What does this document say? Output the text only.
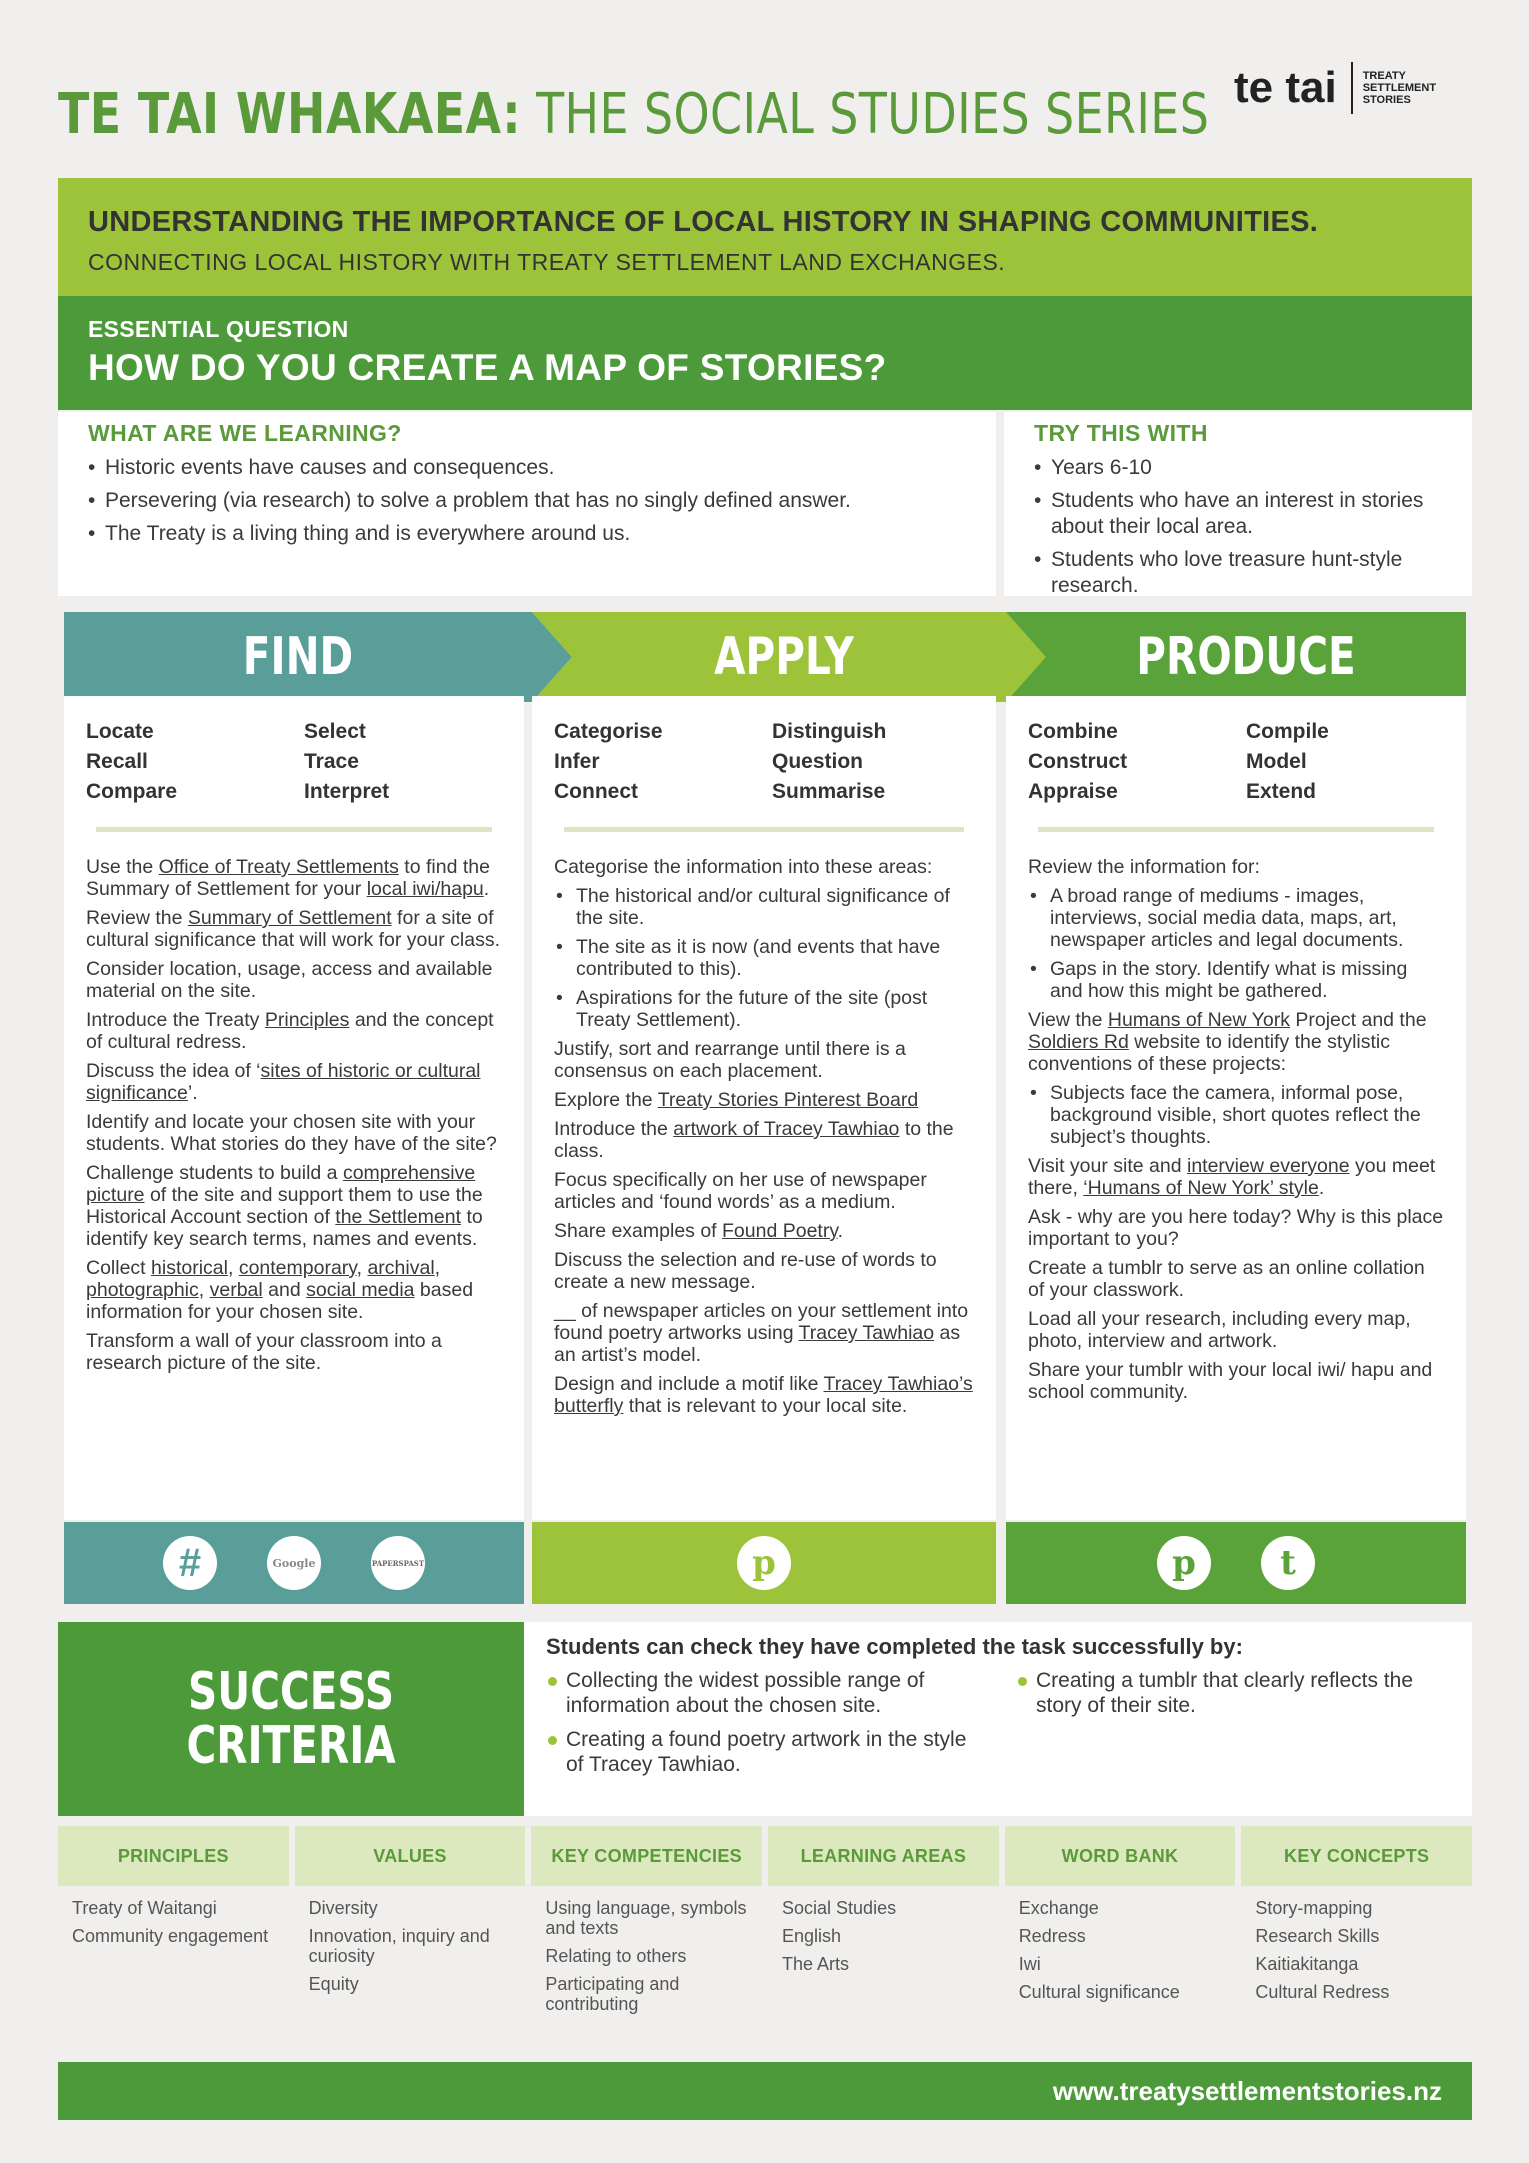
TE TAI WHAKAEA: THE SOCIAL STUDIES SERIES te tai TREATY
SETTLEMENT
STORIES
UNDERSTANDING THE IMPORTANCE OF LOCAL HISTORY IN SHAPING COMMUNITIES.
CONNECTING LOCAL HISTORY WITH TREATY SETTLEMENT LAND EXCHANGES.
ESSENTIAL QUESTION
HOW DO YOU CREATE A MAP OF STORIES?
WHAT ARE WE LEARNING?
• Historic events have causes and consequences.
• Persevering (via research) to solve a problem that has no singly defined answer.
• The Treaty is a living thing and is everywhere around us.
TRY THIS WITH
• Years 6-10
• Students who have an interest in stories about their local area.
• Students who love treasure hunt-style research.
FIND	APPLY	PRODUCE
Locate	Select
Recall	Trace
Compare	Interpret

Use the Office of Treaty Settlements to find the Summary of Settlement for your local iwi/hapu.

Review the Summary of Settlement for a site of cultural significance that will work for your class.

Consider location, usage, access and available material on the site.

Introduce the Treaty Principles and the concept of cultural redress.

Discuss the idea of ‘sites of historic or cultural significance’.

Identify and locate your chosen site with your students. What stories do they have of the site?

Challenge students to build a comprehensive picture of the site and support them to use the Historical Account section of the Settlement to identify key search terms, names and events.

Collect historical, contemporary, archival, photographic, verbal and social media based information for your chosen site.

Transform a wall of your classroom into a research picture of the site.

Categorise	Distinguish
Infer	Question
Connect	Summarise

Categorise the information into these areas:

• The historical and/or cultural significance of the site.
• The site as it is now (and events that have contributed to this).
• Aspirations for the future of the site (post Treaty Settlement).

Justify, sort and rearrange until there is a consensus on each placement.

Explore the Treaty Stories Pinterest Board

Introduce the artwork of Tracey Tawhiao to the class.

Focus specifically on her use of newspaper articles and ‘found words’ as a medium.

Share examples of Found Poetry.

Discuss the selection and re-use of words to create a new message.

__ of newspaper articles on your settlement into found poetry artworks using Tracey Tawhiao as an artist’s model.

Design and include a motif like Tracey Tawhiao’s butterfly that is relevant to your local site.

Combine	Compile
Construct	Model
Appraise	Extend

Review the information for:

• A broad range of mediums - images, interviews, social media data, maps, art, newspaper articles and legal documents.
• Gaps in the story. Identify what is missing and how this might be gathered.

View the Humans of New York Project and the Soldiers Rd website to identify the stylistic conventions of these projects:

• Subjects face the camera, informal pose, background visible, short quotes reflect the subject’s thoughts.

Visit your site and interview everyone you meet there, ‘Humans of New York’ style.

Ask - why are you here today? Why is this place important to you?

Create a tumblr to serve as an online collation of your classwork.

Load all your research, including every map, photo, interview and artwork.

Share your tumblr with your local iwi/ hapu and school community.

#	Google	PAPERSPAST	p	p	t
SUCCESS
CRITERIA
Students can check they have completed the task successfully by:
Collecting the widest possible range of information about the chosen site.
Creating a found poetry artwork in the style of Tracey Tawhiao.
Creating a tumblr that clearly reflects the story of their site.
PRINCIPLES
Treaty of Waitangi
Community engagement
VALUES
Diversity
Innovation, inquiry and curiosity
Equity
KEY COMPETENCIES
Using language, symbols and texts
Relating to others
Participating and contributing
LEARNING AREAS
Social Studies
English
The Arts
WORD BANK
Exchange
Redress
Iwi
Cultural significance
KEY CONCEPTS
Story-mapping
Research Skills
Kaitiakitanga
Cultural Redress
www.treatysettlementstories.nz
